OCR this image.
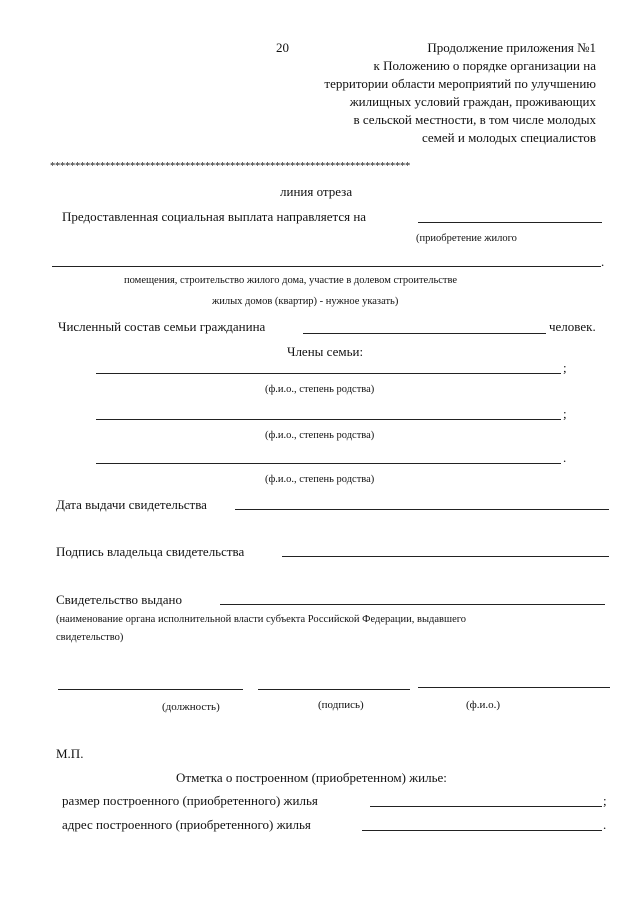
20	Продолжение приложения №1
к Положению о порядке организации на
территории области мероприятий по улучшению
жилищных условий граждан, проживающих
в сельской местности, в том числе молодых
семей и молодых специалистов
************************************************************************
линия отреза
Предоставленная социальная выплата направляется на
(приобретение жилого
.
помещения, строительство жилого дома, участие в долевом строительстве
жилых домов (квартир) - нужное указать)
Численный состав семьи гражданина	человек.
Члены семьи:
;
(ф.и.о., степень родства)
;
(ф.и.о., степень родства)
.
(ф.и.о., степень родства)
Дата выдачи свидетельства
Подпись владельца свидетельства
Свидетельство выдано
(наименование органа исполнительной власти субъекта Российской Федерации, выдавшего
свидетельство)
(должность)	(подпись)	(ф.и.о.)
М.П.
Отметка о построенном (приобретенном) жилье:
размер построенного (приобретенного) жилья	;
адрес построенного (приобретенного) жилья	.
